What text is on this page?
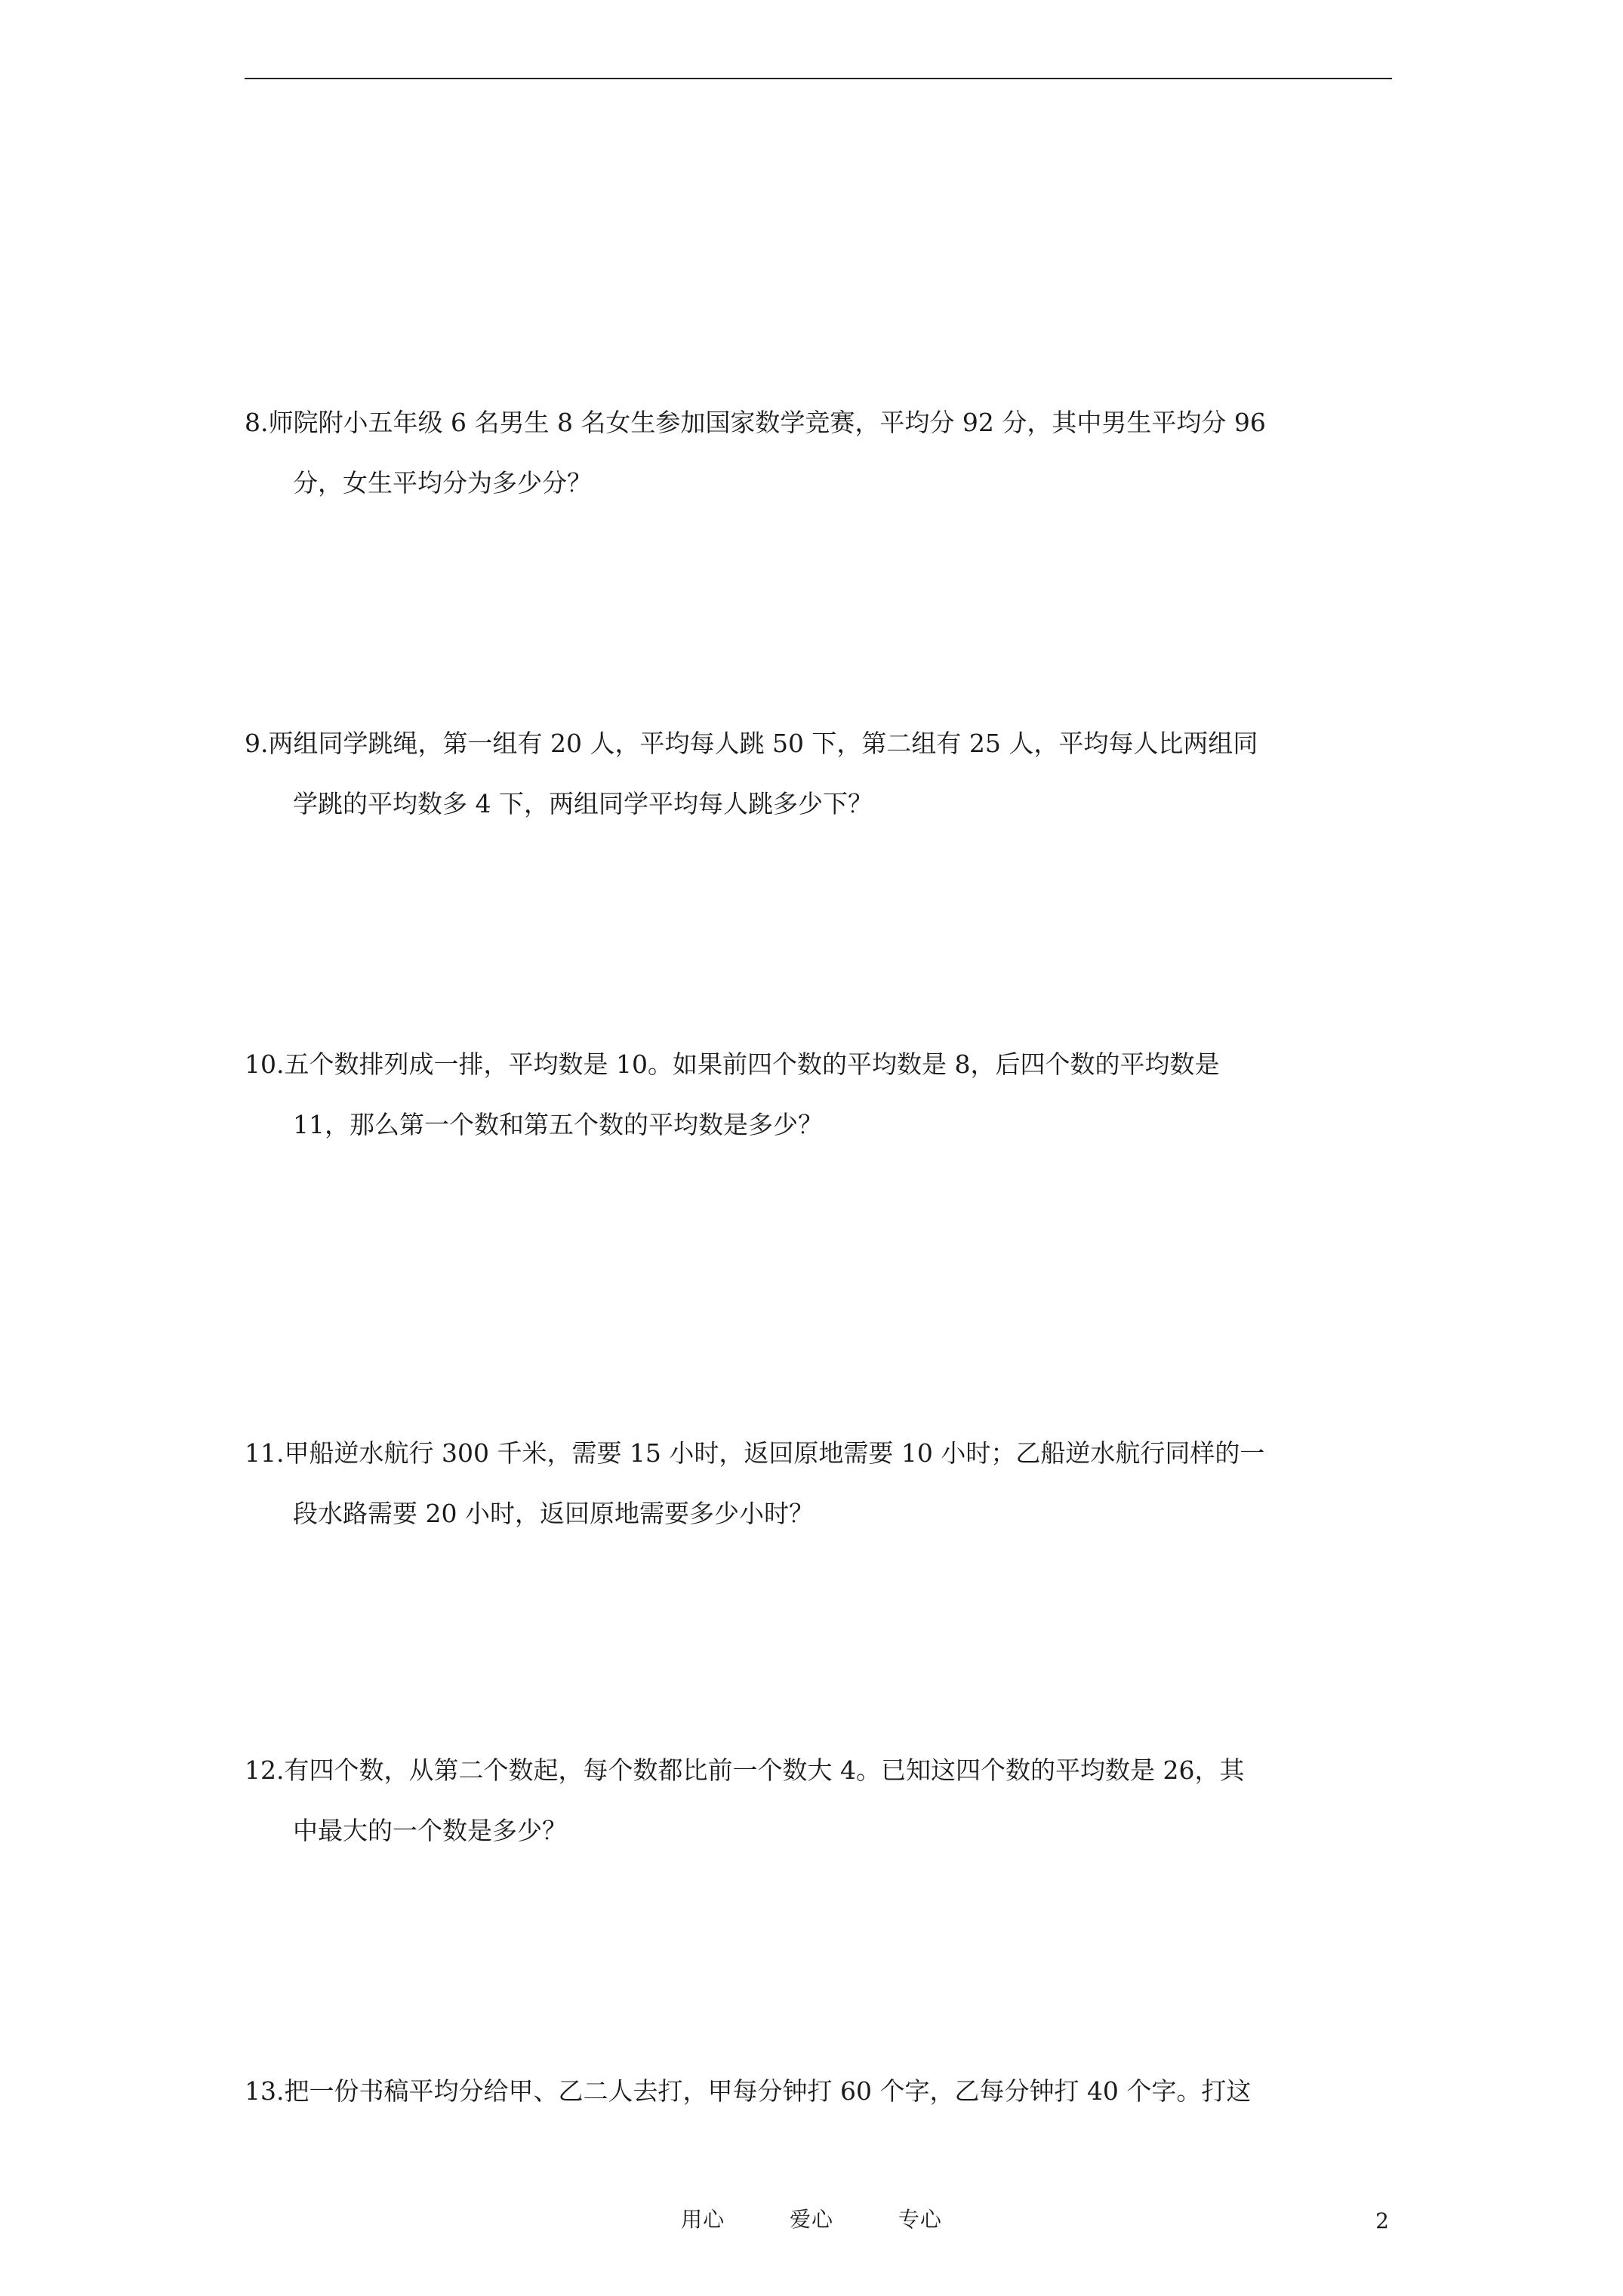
8.师院附小五年级 6 名男生 8 名女生参加国家数学竞赛，平均分 92 分，其中男生平均分 96
分，女生平均分为多少分？
9.两组同学跳绳，第一组有 20 人，平均每人跳 50 下，第二组有 25 人，平均每人比两组同
学跳的平均数多 4 下，两组同学平均每人跳多少下？
10.五个数排列成一排，平均数是 10。如果前四个数的平均数是 8，后四个数的平均数是
11，那么第一个数和第五个数的平均数是多少？
11.甲船逆水航行 300 千米，需要 15 小时，返回原地需要 10 小时；乙船逆水航行同样的一
段水路需要 20 小时，返回原地需要多少小时？
12.有四个数，从第二个数起，每个数都比前一个数大 4。已知这四个数的平均数是 26，其
中最大的一个数是多少？
13.把一份书稿平均分给甲、乙二人去打，甲每分钟打 60 个字，乙每分钟打 40 个字。打这
用心	爱心	专心	2
